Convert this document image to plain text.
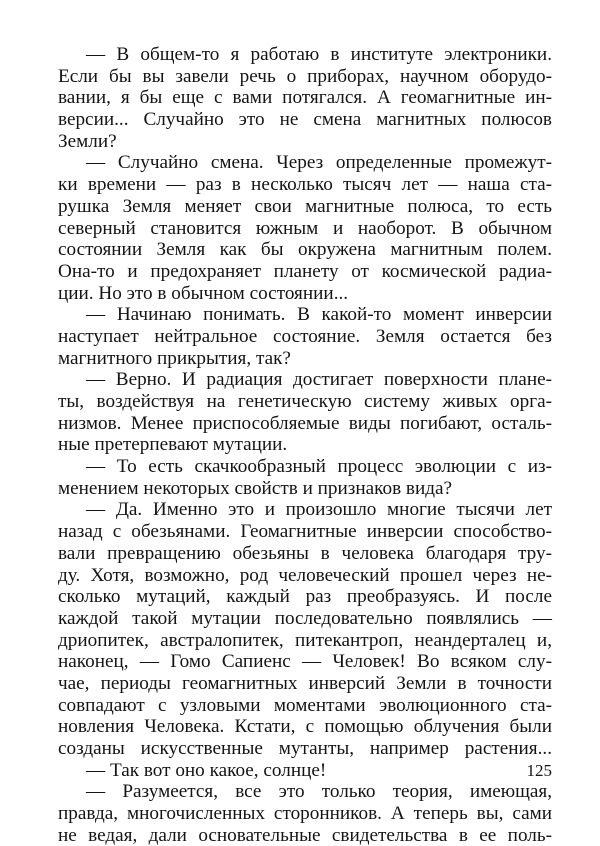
— В общем-то я работаю в институте электроники.
Если бы вы завели речь о приборах, научном оборудо-
вании, я бы еще с вами потягался. А геомагнитные ин-
версии... Случайно это не смена магнитных полюсов
Земли?
— Случайно смена. Через определенные промежут-
ки времени — раз в несколько тысяч лет — наша ста-
рушка Земля меняет свои магнитные полюса, то есть
северный становится южным и наоборот. В обычном
состоянии Земля как бы окружена магнитным полем.
Она-то и предохраняет планету от космической радиа-
ции. Но это в обычном состоянии...
— Начинаю понимать. В какой-то момент инверсии
наступает нейтральное состояние. Земля остается без
магнитного прикрытия, так?
— Верно. И радиация достигает поверхности плане-
ты, воздействуя на генетическую систему живых орга-
низмов. Менее приспособляемые виды погибают, осталь-
ные претерпевают мутации.
— То есть скачкообразный процесс эволюции с из-
менением некоторых свойств и признаков вида?
— Да. Именно это и произошло многие тысячи лет
назад с обезьянами. Геомагнитные инверсии способство-
вали превращению обезьяны в человека благодаря тру-
ду. Хотя, возможно, род человеческий прошел через не-
сколько мутаций, каждый раз преобразуясь. И после
каждой такой мутации последовательно появлялись —
дриопитек, австралопитек, питекантроп, неандерталец и,
наконец, — Гомо Сапиенс — Человек! Во всяком слу-
чае, периоды геомагнитных инверсий Земли в точности
совпадают с узловыми моментами эволюционного ста-
новления Человека. Кстати, с помощью облучения были
созданы искусственные мутанты, например растения...
— Так вот оно какое, солнце!
— Разумеется, все это только теория, имеющая,
правда, многочисленных сторонников. А теперь вы, сами
не ведая, дали основательные свидетельства в ее поль-
125
